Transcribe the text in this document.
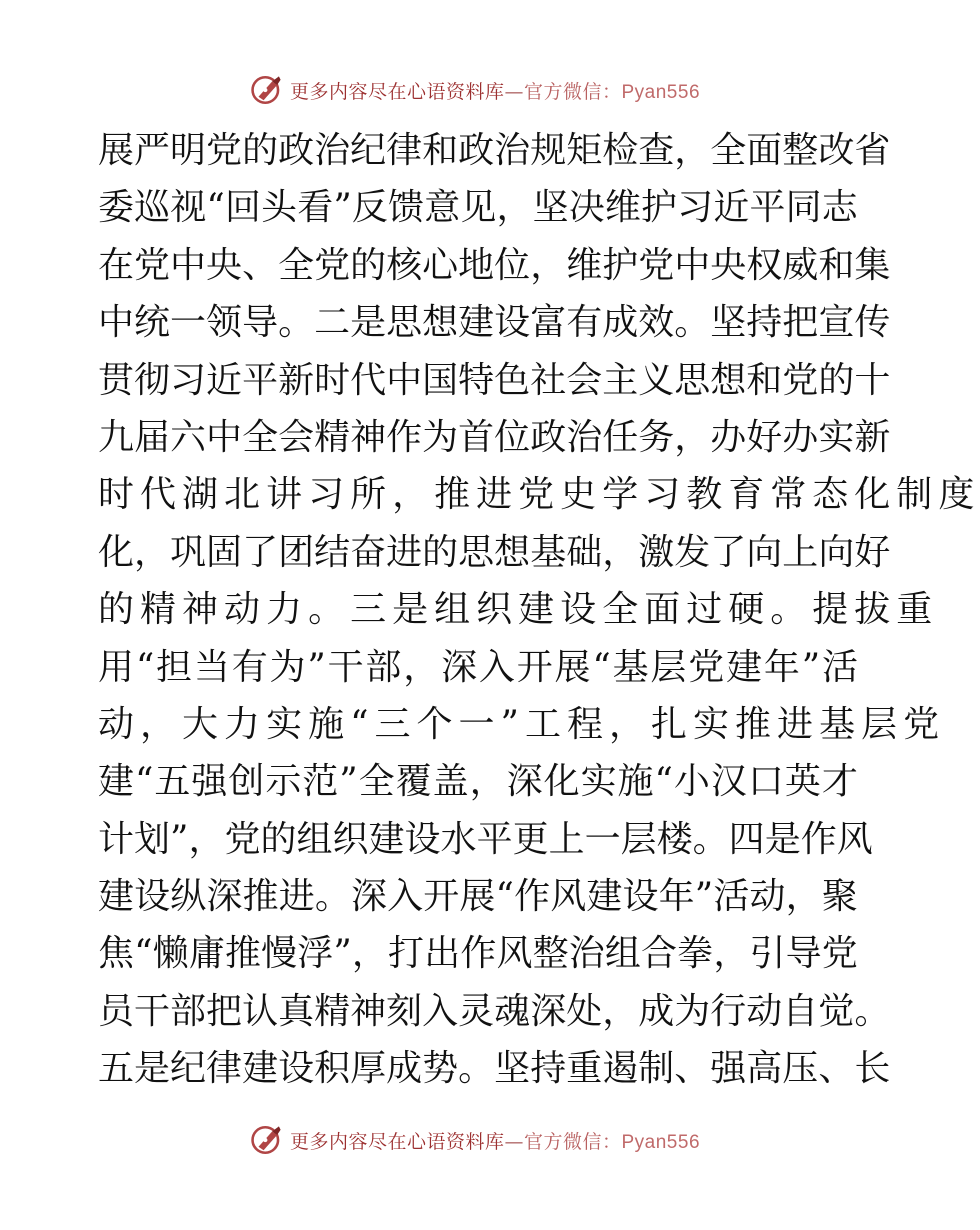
更多内容尽在心语资料库—官方微信：Pyan556
展 严 明 党 的 政 治 纪 律 和 政 治 规 矩 检 查 ， 全 面 整 改 省
委 巡 视 “ 回 头 看 ” 反 馈 意 见 ， 坚 决 维 护 习 近 平 同 志
在 党 中 央 、 全 党 的 核 心 地 位 ， 维 护 党 中 央 权 威 和 集
中 统 一 领 导 。 二 是 思 想 建 设 富 有 成 效 。 坚 持 把 宣 传
贯 彻 习 近 平 新 时 代 中 国 特 色 社 会 主 义 思 想 和 党 的 十
九 届 六 中 全 会 精 神 作 为 首 位 政 治 任 务 ， 办 好 办 实 新
时 代 湖 北 讲 习 所 ， 推 进 党 史 学 习 教 育 常 态 化 制 度
化 ， 巩 固 了 团 结 奋 进 的 思 想 基 础 ， 激 发 了 向 上 向 好
的 精 神 动 力 。 三 是 组 织 建 设 全 面 过 硬 。 提 拔 重
用 “ 担 当 有 为 ” 干 部 ， 深 入 开 展 “ 基 层 党 建 年 ” 活
动 ， 大 力 实 施 “ 三 个 一 ” 工 程 ， 扎 实 推 进 基 层 党
建 “ 五 强 创 示 范 ” 全 覆 盖 ， 深 化 实 施 “ 小 汉 口 英 才
计 划 ” ， 党 的 组 织 建 设 水 平 更 上 一 层 楼 。 四 是 作 风
建 设 纵 深 推 进 。 深 入 开 展 “ 作 风 建 设 年 ” 活 动 ， 聚
焦 “ 懒 庸 推 慢 浮 ” ， 打 出 作 风 整 治 组 合 拳 ， 引 导 党
员 干 部 把 认 真 精 神 刻 入 灵 魂 深 处 ， 成 为 行 动 自 觉 。
五 是 纪 律 建 设 积 厚 成 势 。 坚 持 重 遏 制 、 强 高 压 、 长
更多内容尽在心语资料库—官方微信：Pyan556
